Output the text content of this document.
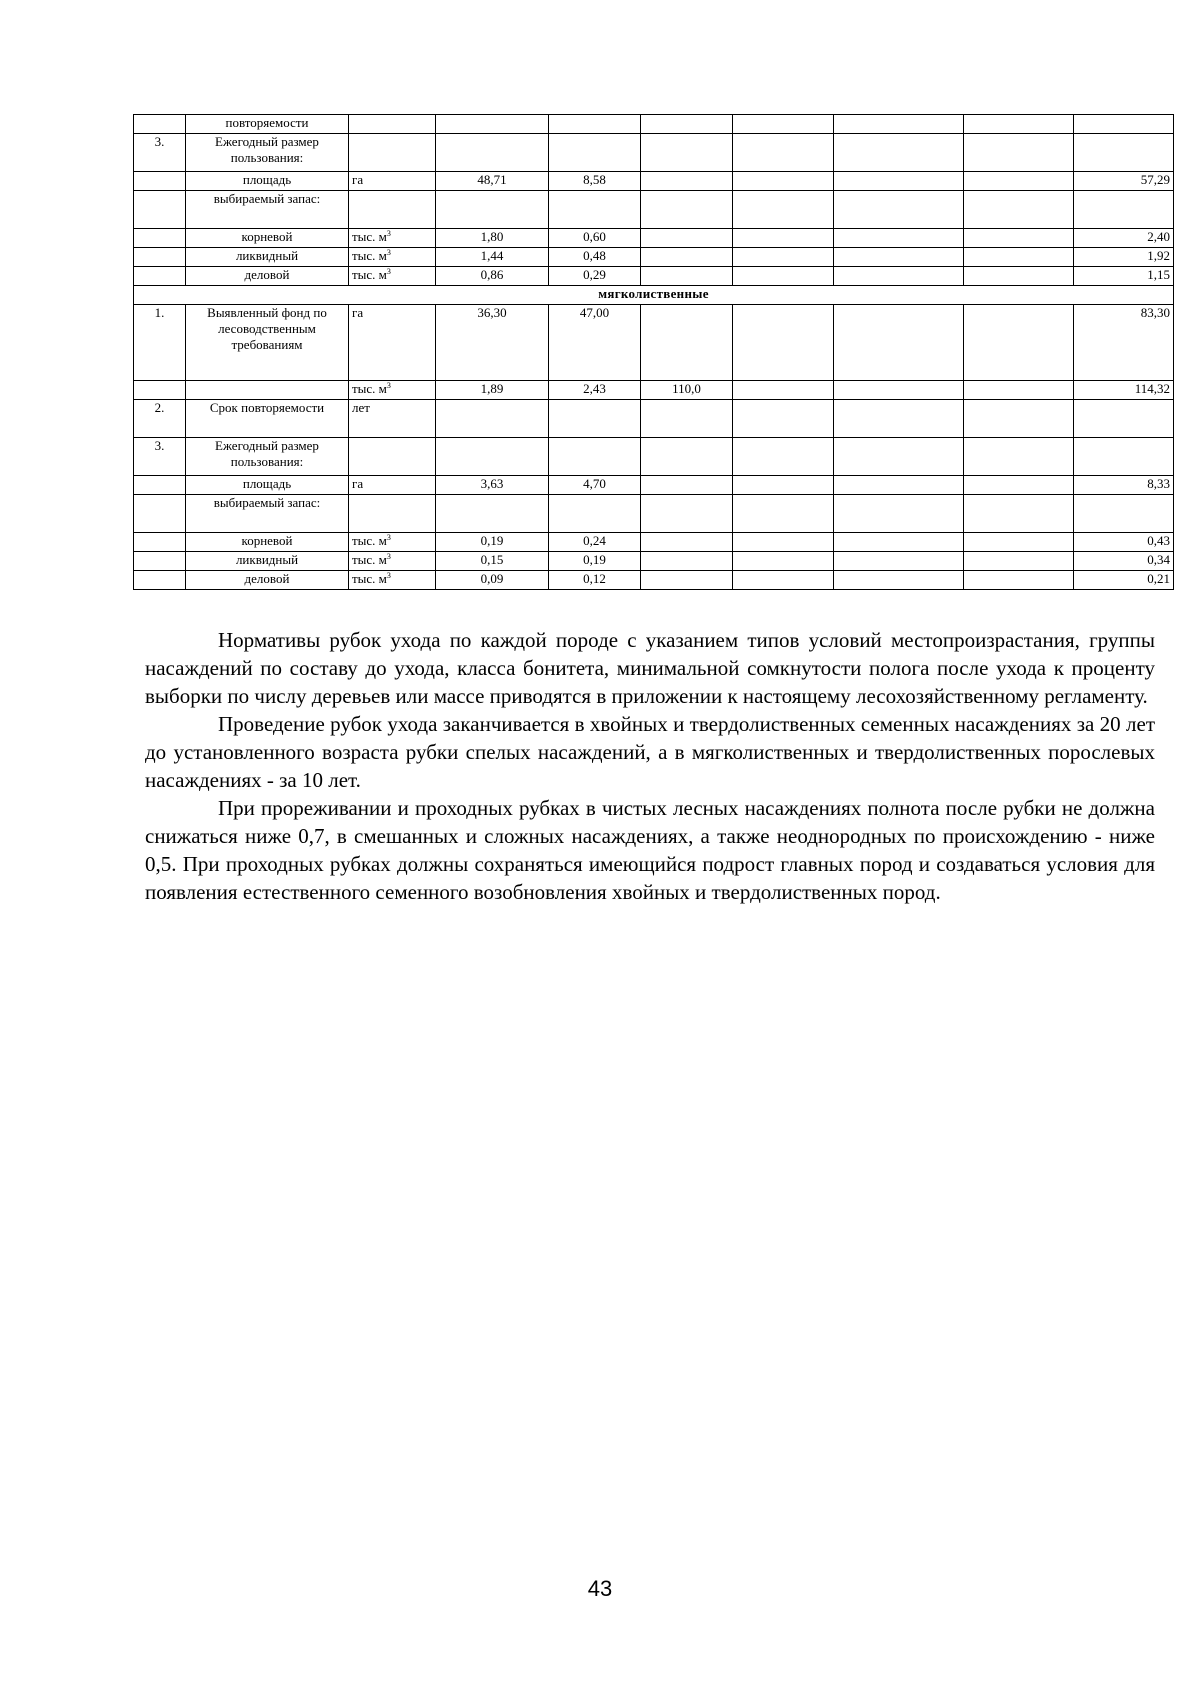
	повторяемости								
3.	Ежегодный размер пользования:								
	площадь	га	48,71	8,58					57,29
	выбираемый запас:								
	корневой	тыс. $м^3$	1,80	0,60					2,40
	ликвидный	тыс. $м^3$	1,44	0,48					1,92
	деловой	тыс. $м^3$	0,86	0,29					1,15
мягколиственные									
1.	Выявленный фонд по лесоводственным требованиям	га	36,30	47,00					83,30
		тыс. $м^3$	1,89	2,43	110,0				114,32
2.	Срок повторяемости	лет							
3.	Ежегодный размер пользования:								
	площадь	га	3,63	4,70					8,33
	выбираемый запас:								
	корневой	тыс. $м^3$	0,19	0,24					0,43
	ликвидный	тыс. $м^3$	0,15	0,19					0,34
	деловой	тыс. $м^3$	0,09	0,12					0,21

Нормативы рубок ухода по каждой породе с указанием типов условий местопроизрастания, группы насаждений по составу до ухода, класса бонитета, минимальной сомкнутости полога после ухода к проценту выборки по числу деревьев или массе приводятся в приложении к настоящему лесохозяйственному регламенту.

Проведение рубок ухода заканчивается в хвойных и твердолиственных семенных насаждениях за 20 лет до установленного возраста рубки спелых насаждений, а в мягколиственных и твердолиственных порослевых насаждениях - за 10 лет.

При прореживании и проходных рубках в чистых лесных насаждениях полнота после рубки не должна снижаться ниже 0,7, в смешанных и сложных насаждениях, а также неоднородных по происхождению - ниже 0,5. При проходных рубках должны сохраняться имеющийся подрост главных пород и создаваться условия для появления естественного семенного возобновления хвойных и твердолиственных пород.

43
